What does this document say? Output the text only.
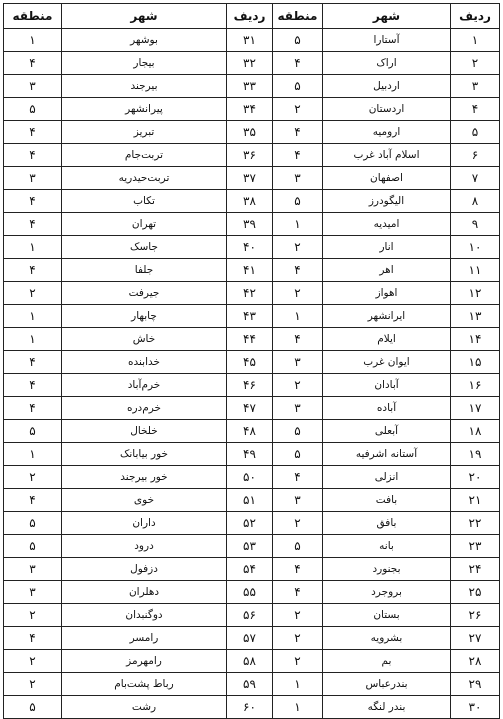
ردیف	شهر	منطقه	ردیف	شهر	منطقه
۱	آستارا	۵	۳۱	بوشهر	۱
۲	اراک	۴	۳۲	بیجار	۴
۳	اردبیل	۵	۳۳	بیرجند	۳
۴	اردستان	۲	۳۴	پیرانشهر	۵
۵	ارومیه	۴	۳۵	تبریز	۴
۶	اسلام آباد غرب	۴	۳۶	تربت‌جام	۴
۷	اصفهان	۳	۳۷	تربت‌حیدریه	۳
۸	الیگودرز	۵	۳۸	تکاب	۴
۹	امیدیه	۱	۳۹	تهران	۴
۱۰	انار	۲	۴۰	جاسک	۱
۱۱	اهر	۴	۴۱	جلفا	۴
۱۲	اهواز	۲	۴۲	جیرفت	۲
۱۳	ایرانشهر	۱	۴۳	چابهار	۱
۱۴	ایلام	۴	۴۴	خاش	۱
۱۵	ایوان غرب	۳	۴۵	خدابنده	۴
۱۶	آبادان	۲	۴۶	خرم‌آباد	۴
۱۷	آباده	۳	۴۷	خرم‌دره	۴
۱۸	آبعلی	۵	۴۸	خلخال	۵
۱۹	آستانه اشرفیه	۵	۴۹	خور بیابانک	۱
۲۰	انزلی	۴	۵۰	خور بیرجند	۲
۲۱	بافت	۳	۵۱	خوی	۴
۲۲	بافق	۲	۵۲	داران	۵
۲۳	بانه	۵	۵۳	درود	۵
۲۴	بجنورد	۴	۵۴	دزفول	۳
۲۵	بروجرد	۴	۵۵	دهلران	۳
۲۶	بستان	۲	۵۶	دوگنبدان	۲
۲۷	بشرویه	۲	۵۷	رامسر	۴
۲۸	بم	۲	۵۸	رامهرمز	۲
۲۹	بندرعباس	۱	۵۹	رباط پشت‌بام	۲
۳۰	بندر لنگه	۱	۶۰	رشت	۵
